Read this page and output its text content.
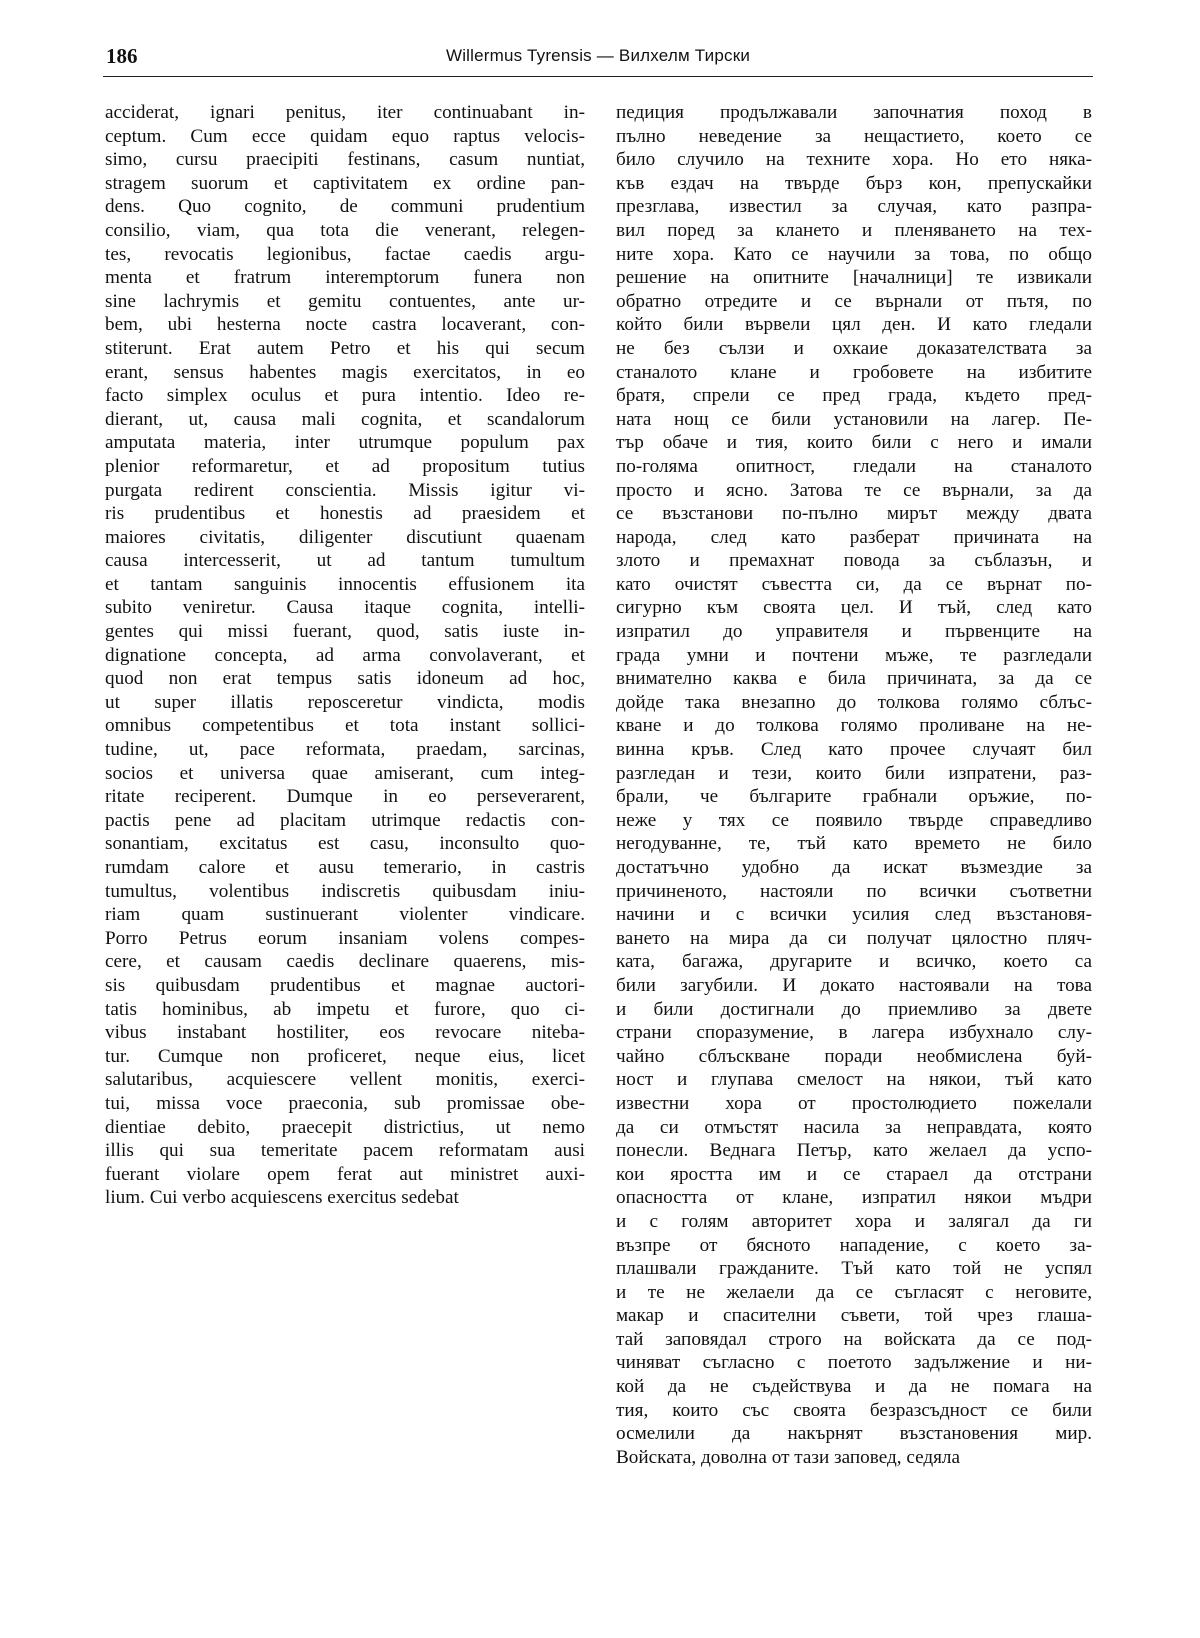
186	Willermus Tyrensis — Вилхелм Тирски
acciderat, ignari penitus, iter continuabant in-
ceptum. Cum ecce quidam equo raptus velocis-
simo, cursu praecipiti festinans, casum nuntiat,
stragem suorum et captivitatem ex ordine pan-
dens. Quo cognito, de communi prudentium
consilio, viam, qua tota die venerant, relegen-
tes, revocatis legionibus, factae caedis argu-
menta et fratrum interemptorum funera non
sine lachrymis et gemitu contuentes, ante ur-
bem, ubi hesterna nocte castra locaverant, con-
stiterunt. Erat autem Petro et his qui secum
erant, sensus habentes magis exercitatos, in eo
facto simplex oculus et pura intentio. Ideo re-
dierant, ut, causa mali cognita, et scandalorum
amputata materia, inter utrumque populum pax
plenior reformaretur, et ad propositum tutius
purgata redirent conscientia. Missis igitur vi-
ris prudentibus et honestis ad praesidem et
maiores civitatis, diligenter discutiunt quaenam
causa intercesserit, ut ad tantum tumultum
et tantam sanguinis innocentis effusionem ita
subito veniretur. Causa itaque cognita, intelli-
gentes qui missi fuerant, quod, satis iuste in-
dignatione concepta, ad arma convolaverant, et
quod non erat tempus satis idoneum ad hoc,
ut super illatis reposceretur vindicta, modis
omnibus competentibus et tota instant sollici-
tudine, ut, pace reformata, praedam, sarcinas,
socios et universa quae amiserant, cum integ-
ritate reciperent. Dumque in eo perseverarent,
pactis pene ad placitam utrimque redactis con-
sonantiam, excitatus est casu, inconsulto quo-
rumdam calore et ausu temerario, in castris
tumultus, volentibus indiscretis quibusdam iniu-
riam quam sustinuerant violenter vindicare.
Porro Petrus eorum insaniam volens compes-
cere, et causam caedis declinare quaerens, mis-
sis quibusdam prudentibus et magnae auctori-
tatis hominibus, ab impetu et furore, quo ci-
vibus instabant hostiliter, eos revocare niteba-
tur. Cumque non proficeret, neque eius, licet
salutaribus, acquiescere vellent monitis, exerci-
tui, missa voce praeconia, sub promissae obe-
dientiae debito, praecepit districtius, ut nemo
illis qui sua temeritate pacem reformatam ausi
fuerant violare opem ferat aut ministret auxi-
lium. Cui verbo acquiescens exercitus sedebat
педиция продължавали започнатия поход в
пълно неведение за нещастието, което се
било случило на техните хора. Но ето няка-
къв ездач на твърде бърз кон, препускайки
презглава, известил за случая, като разпра-
вил поред за клането и пленяването на тех-
ните хора. Като се научили за това, по общо
решение на опитните [началници] те извикали
обратно отредите и се върнали от пътя, по
който били вървели цял ден. И като гледали
не без сълзи и охкаие доказателствата за
станалото клане и гробовете на избитите
братя, спрели се пред града, където пред-
ната нощ се били установили на лагер. Пе-
тър обаче и тия, които били с него и имали
по-голяма опитност, гледали на станалото
просто и ясно. Затова те се върнали, за да
се възстанови по-пълно мирът между двата
народа, след като разберат причината на
злото и премахнат повода за съблазън, и
като очистят съвестта си, да се върнат по-
сигурно към своята цел. И тъй, след като
изпратил до управителя и първенците на
града умни и почтени мъже, те разгледали
внимателно каква е била причината, за да се
дойде така внезапно до толкова голямо сблъс-
кване и до толкова голямо проливане на не-
винна кръв. След като прочее случаят бил
разгледан и тези, които били изпратени, раз-
брали, че българите грабнали оръжие, по-
неже у тях се появило твърде справедливо
негодуванне, те, тъй като времето не било
достатъчно удобно да искат възмездие за
причиненото, настояли по всички съответни
начини и с всички усилия след възстановя-
ването на мира да си получат цялостно пляч-
ката, багажа, другарите и всичко, което са
били загубили. И докато настоявали на това
и били достигнали до приемливо за двете
страни споразумение, в лагера избухнало слу-
чайно сблъскване поради необмислена буй-
ност и глупава смелост на някои, тъй като
известни хора от простолюдието пожелали
да си отмъстят насила за неправдата, която
понесли. Веднага Петър, като желаел да успо-
кои яростта им и се стараел да отстрани
опасността от клане, изпратил някои мъдри
и с голям авторитет хора и залягал да ги
възпре от бясното нападение, с което за-
плашвали гражданите. Тъй като той не успял
и те не желаели да се съгласят с неговите,
макар и спасителни съвети, той чрез глаша-
тай заповядал строго на войската да се под-
чиняват съгласно с поетото задължение и ни-
кой да не съдействува и да не помага на
тия, които със своята безразсъдност се били
осмелили да накърнят възстановения мир.
Войската, доволна от тази заповед, седяла
